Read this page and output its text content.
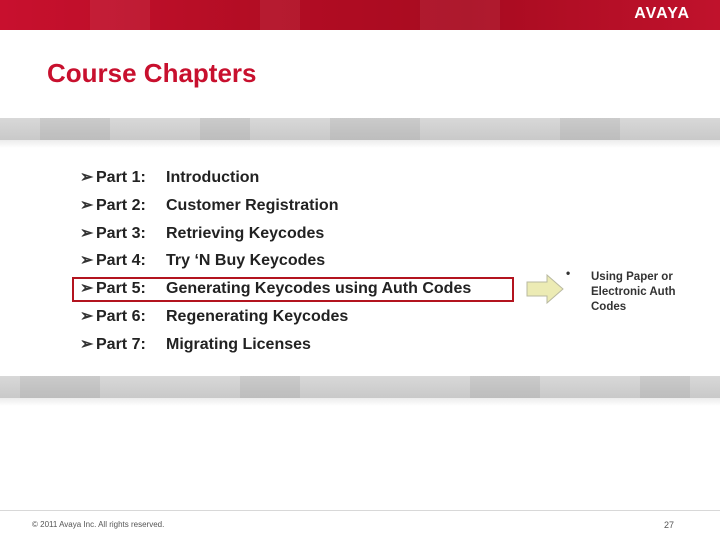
AVAYA
Course Chapters
➢ Part 1: Introduction
➢ Part 2: Customer Registration
➢ Part 3: Retrieving Keycodes
➢ Part 4: Try ‘N Buy Keycodes
➢ Part 5: Generating Keycodes using Auth Codes
➢ Part 6: Regenerating Keycodes
➢ Part 7: Migrating Licenses
• Using Paper or Electronic Auth Codes
© 2011 Avaya Inc. All rights reserved.	27
